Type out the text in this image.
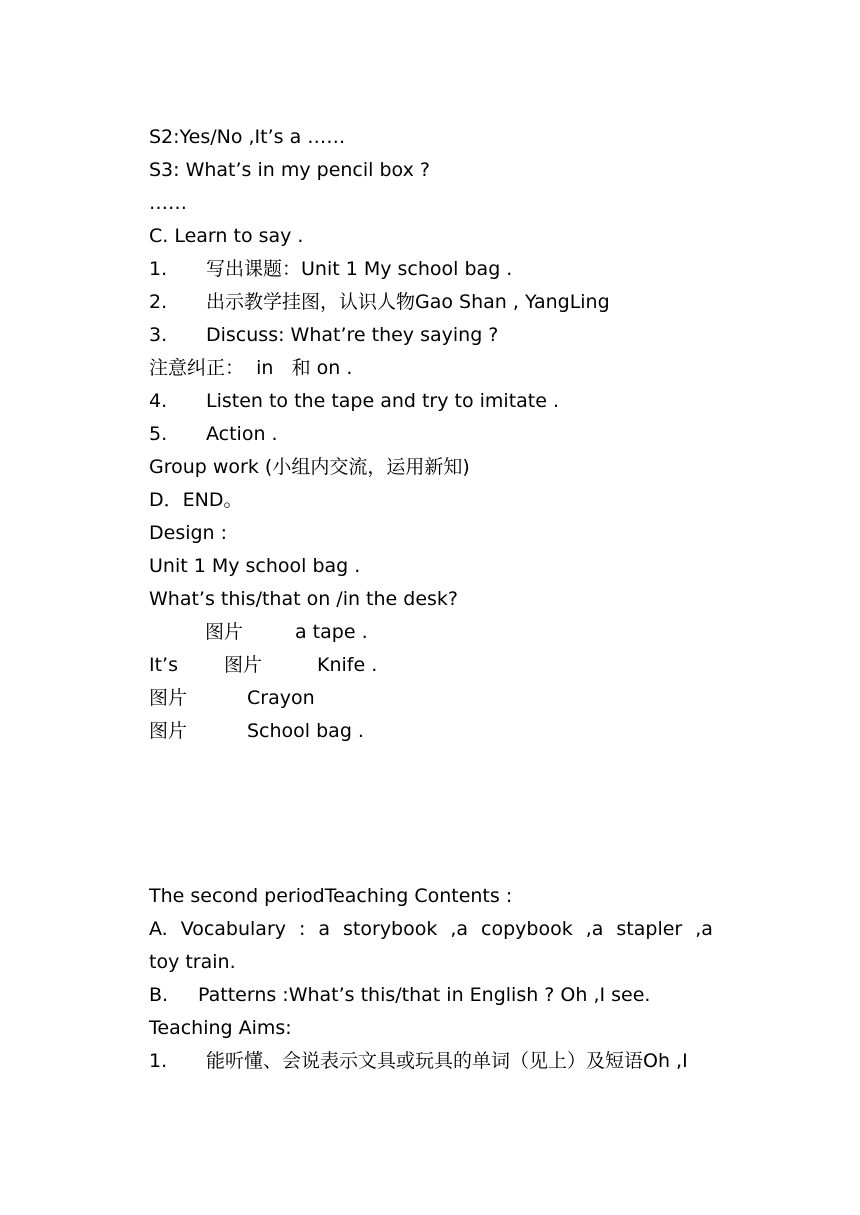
S2:Yes/No ,It’s a ……
S3: What’s in my pencil box ?
……
C. Learn to say .
1. 写出课题：Unit 1 My school bag .
2. 出示教学挂图，认识人物Gao Shan , YangLing
3. Discuss: What’re they saying ?
注意纠正： in 和 on .
4. Listen to the tape and try to imitate .
5. Action .
Group work (小组内交流，运用新知)
D．END。
Design :
Unit 1 My school bag .
What’s this/that on /in the desk?
图片	a tape .
It’s 图片	Knife .
图片	Crayon
图片	School bag .
The second periodTeaching Contents :
A. Vocabulary : a storybook ,a copybook ,a stapler ,a
toy train.
B. Patterns :What’s this/that in English ? Oh ,I see.
Teaching Aims:
1. 能听懂、会说表示文具或玩具的单词（见上）及短语Oh ,I
